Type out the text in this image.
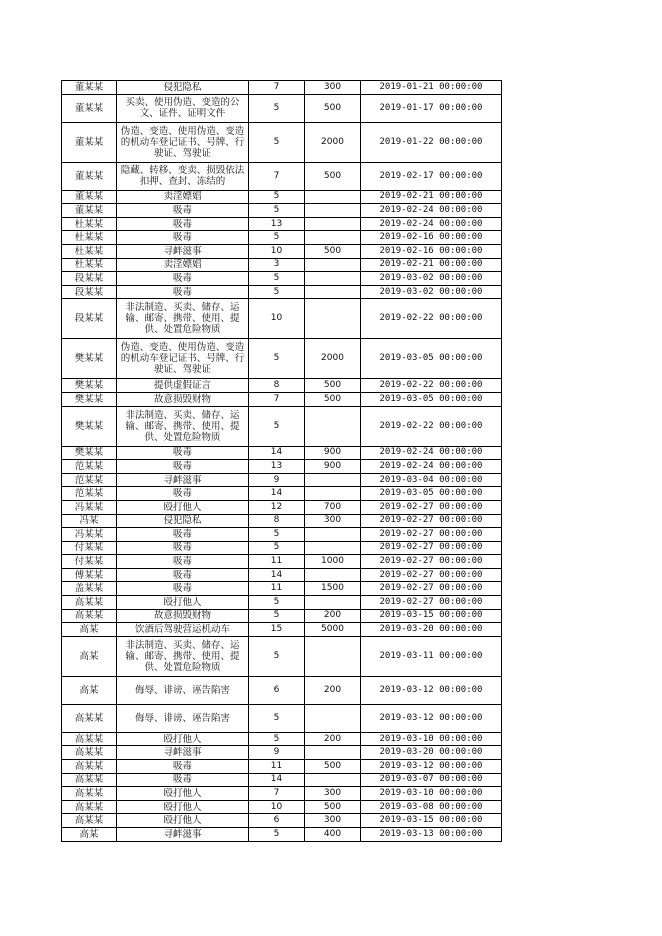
董某某	侵犯隐私	7	300	2019-01-21 00:00:00
董某某	买卖、使用伪造、变造的公文、证件、证明文件	5	500	2019-01-17 00:00:00
董某某	伪造、变造、使用伪造、变造的机动车登记证书、号牌、行驶证、驾驶证	5	2000	2019-01-22 00:00:00
董某某	隐藏、转移、变卖、损毁依法扣押、查封、冻结的	7	500	2019-02-17 00:00:00
董某某	卖淫嫖娼	5		2019-02-21 00:00:00
董某某	吸毒	5		2019-02-24 00:00:00
杜某某	吸毒	13		2019-02-24 00:00:00
杜某某	吸毒	5		2019-02-16 00:00:00
杜某某	寻衅滋事	10	500	2019-02-16 00:00:00
杜某某	卖淫嫖娼	3		2019-02-21 00:00:00
段某某	吸毒	5		2019-03-02 00:00:00
段某某	吸毒	5		2019-03-02 00:00:00
段某某	非法制造、买卖、储存、运输、邮寄、携带、使用、提供、处置危险物质	10		2019-02-22 00:00:00
樊某某	伪造、变造、使用伪造、变造的机动车登记证书、号牌、行驶证、驾驶证	5	2000	2019-03-05 00:00:00
樊某某	提供虚假证言	8	500	2019-02-22 00:00:00
樊某某	故意损毁财物	7	500	2019-03-05 00:00:00
樊某某	非法制造、买卖、储存、运输、邮寄、携带、使用、提供、处置危险物质	5		2019-02-22 00:00:00
樊某某	吸毒	14	900	2019-02-24 00:00:00
范某某	吸毒	13	900	2019-02-24 00:00:00
范某某	寻衅滋事	9		2019-03-04 00:00:00
范某某	吸毒	14		2019-03-05 00:00:00
冯某某	殴打他人	12	700	2019-02-27 00:00:00
冯某	侵犯隐私	8	300	2019-02-27 00:00:00
冯某某	吸毒	5		2019-02-27 00:00:00
付某某	吸毒	5		2019-02-27 00:00:00
付某某	吸毒	11	1000	2019-02-27 00:00:00
傅某某	吸毒	14		2019-02-27 00:00:00
盖某某	吸毒	11	1500	2019-02-27 00:00:00
高某某	殴打他人	5		2019-02-27 00:00:00
高某某	故意损毁财物	5	200	2019-03-15 00:00:00
高某	饮酒后驾驶营运机动车	15	5000	2019-03-20 00:00:00
高某	非法制造、买卖、储存、运输、邮寄、携带、使用、提供、处置危险物质	5		2019-03-11 00:00:00
高某	侮辱、诽谤、诬告陷害	6	200	2019-03-12 00:00:00
高某某	侮辱、诽谤、诬告陷害	5		2019-03-12 00:00:00
高某某	殴打他人	5	200	2019-03-10 00:00:00
高某某	寻衅滋事	9		2019-03-20 00:00:00
高某某	吸毒	11	500	2019-03-12 00:00:00
高某某	吸毒	14		2019-03-07 00:00:00
高某某	殴打他人	7	300	2019-03-10 00:00:00
高某某	殴打他人	10	500	2019-03-08 00:00:00
高某某	殴打他人	6	300	2019-03-15 00:00:00
高某	寻衅滋事	5	400	2019-03-13 00:00:00
